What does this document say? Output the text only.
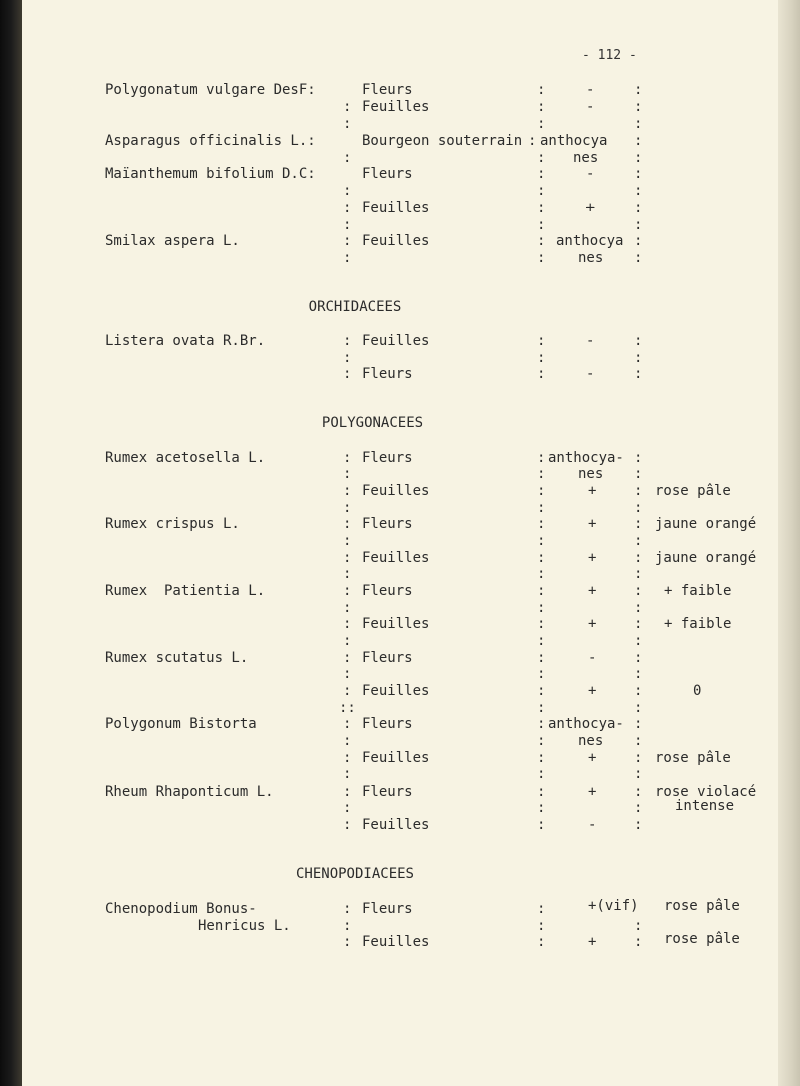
- 112 -
Polygonatum vulgare DesF:	Fleurs	:	-	:
: Feuilles	:	-	:
:	:	:
Asparagus officinalis L.:	Bourgeon souterrain : anthocya :
:	: nes	:
Maïanthemum bifolium D.C:	Fleurs	:	-	:
:	:	:
: Feuilles	:	+	:
:	:	:
Smilax aspera L.	: Feuilles	: anthocya :
:	: nes :
ORCHIDACEES
Listera ovata R.Br.	: Feuilles	:	-	:
:	:	:
: Fleurs	:	-	:
POLYGONACEES
Rumex acetosella L.	: Fleurs	: anthocya- :
:	: nes :
: Feuilles	:	+	: rose pâle
:	:	:
Rumex crispus L.	: Fleurs	:	+	: jaune orangé
:	:	:
: Feuilles	:	+	: jaune orangé
:	:	:
Rumex  Patientia L.	: Fleurs	:	+	: + faible
:	:	:
: Feuilles	:	+	: + faible
:	:	:
Rumex scutatus L.	: Fleurs	:	-	:
:	:	:
: Feuilles	:	+	:	0
::	:	:
Polygonum Bistorta	: Fleurs	: anthocya- :
:	: nes :
: Feuilles	:	+	: rose pâle
:	:	:
Rheum Rhaponticum L.	: Fleurs	:	+	: rose violacé
:	:	: intense
: Feuilles	:	-	:
CHENOPODIACEES
Chenopodium Bonus-	: Fleurs	:	+(vif) rose pâle
Henricus L.	:	:	:
: Feuilles	:	+	: rose pâle
